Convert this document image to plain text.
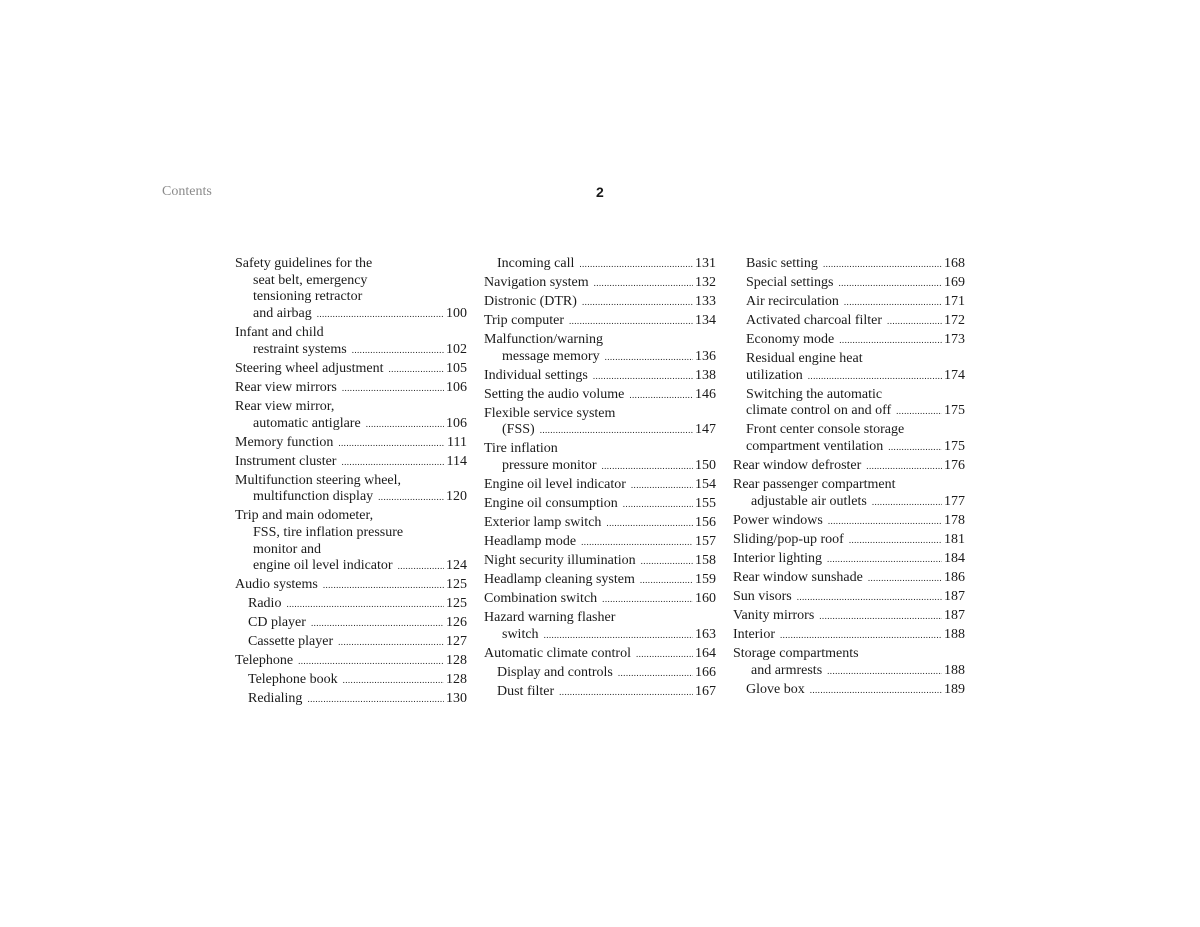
Contents	2
Safety guidelines for the
seat belt, emergency
tensioning retractor
and airbag .....	100
Infant and child
restraint systems .....	102
Steering wheel adjustment .....	105
Rear view mirrors .....	106
Rear view mirror,
automatic antiglare .....	106
Memory function .....	111
Instrument cluster .....	114
Multifunction steering wheel,
multifunction display .....	120
Trip and main odometer,
FSS, tire inflation pressure
monitor and
engine oil level indicator .....	124
Audio systems .....	125
Radio .....	125
CD player .....	126
Cassette player .....	127
Telephone .....	128
Telephone book .....	128
Redialing .....	130
Incoming call .....	131
Navigation system .....	132
Distronic (DTR) .....	133
Trip computer .....	134
Malfunction/warning
message memory .....	136
Individual settings .....	138
Setting the audio volume .....	146
Flexible service system
(FSS) .....	147
Tire inflation
pressure monitor .....	150
Engine oil level indicator .....	154
Engine oil consumption .....	155
Exterior lamp switch .....	156
Headlamp mode .....	157
Night security illumination .....	158
Headlamp cleaning system .....	159
Combination switch .....	160
Hazard warning flasher
switch .....	163
Automatic climate control .....	164
Display and controls .....	166
Dust filter .....	167
Basic setting .....	168
Special settings .....	169
Air recirculation .....	171
Activated charcoal filter .....	172
Economy mode .....	173
Residual engine heat
utilization .....	174
Switching the automatic
climate control on and off .....	175
Front center console storage
compartment ventilation .....	175
Rear window defroster .....	176
Rear passenger compartment
adjustable air outlets .....	177
Power windows .....	178
Sliding/pop-up roof .....	181
Interior lighting .....	184
Rear window sunshade .....	186
Sun visors .....	187
Vanity mirrors .....	187
Interior .....	188
Storage compartments
and armrests .....	188
Glove box .....	189
